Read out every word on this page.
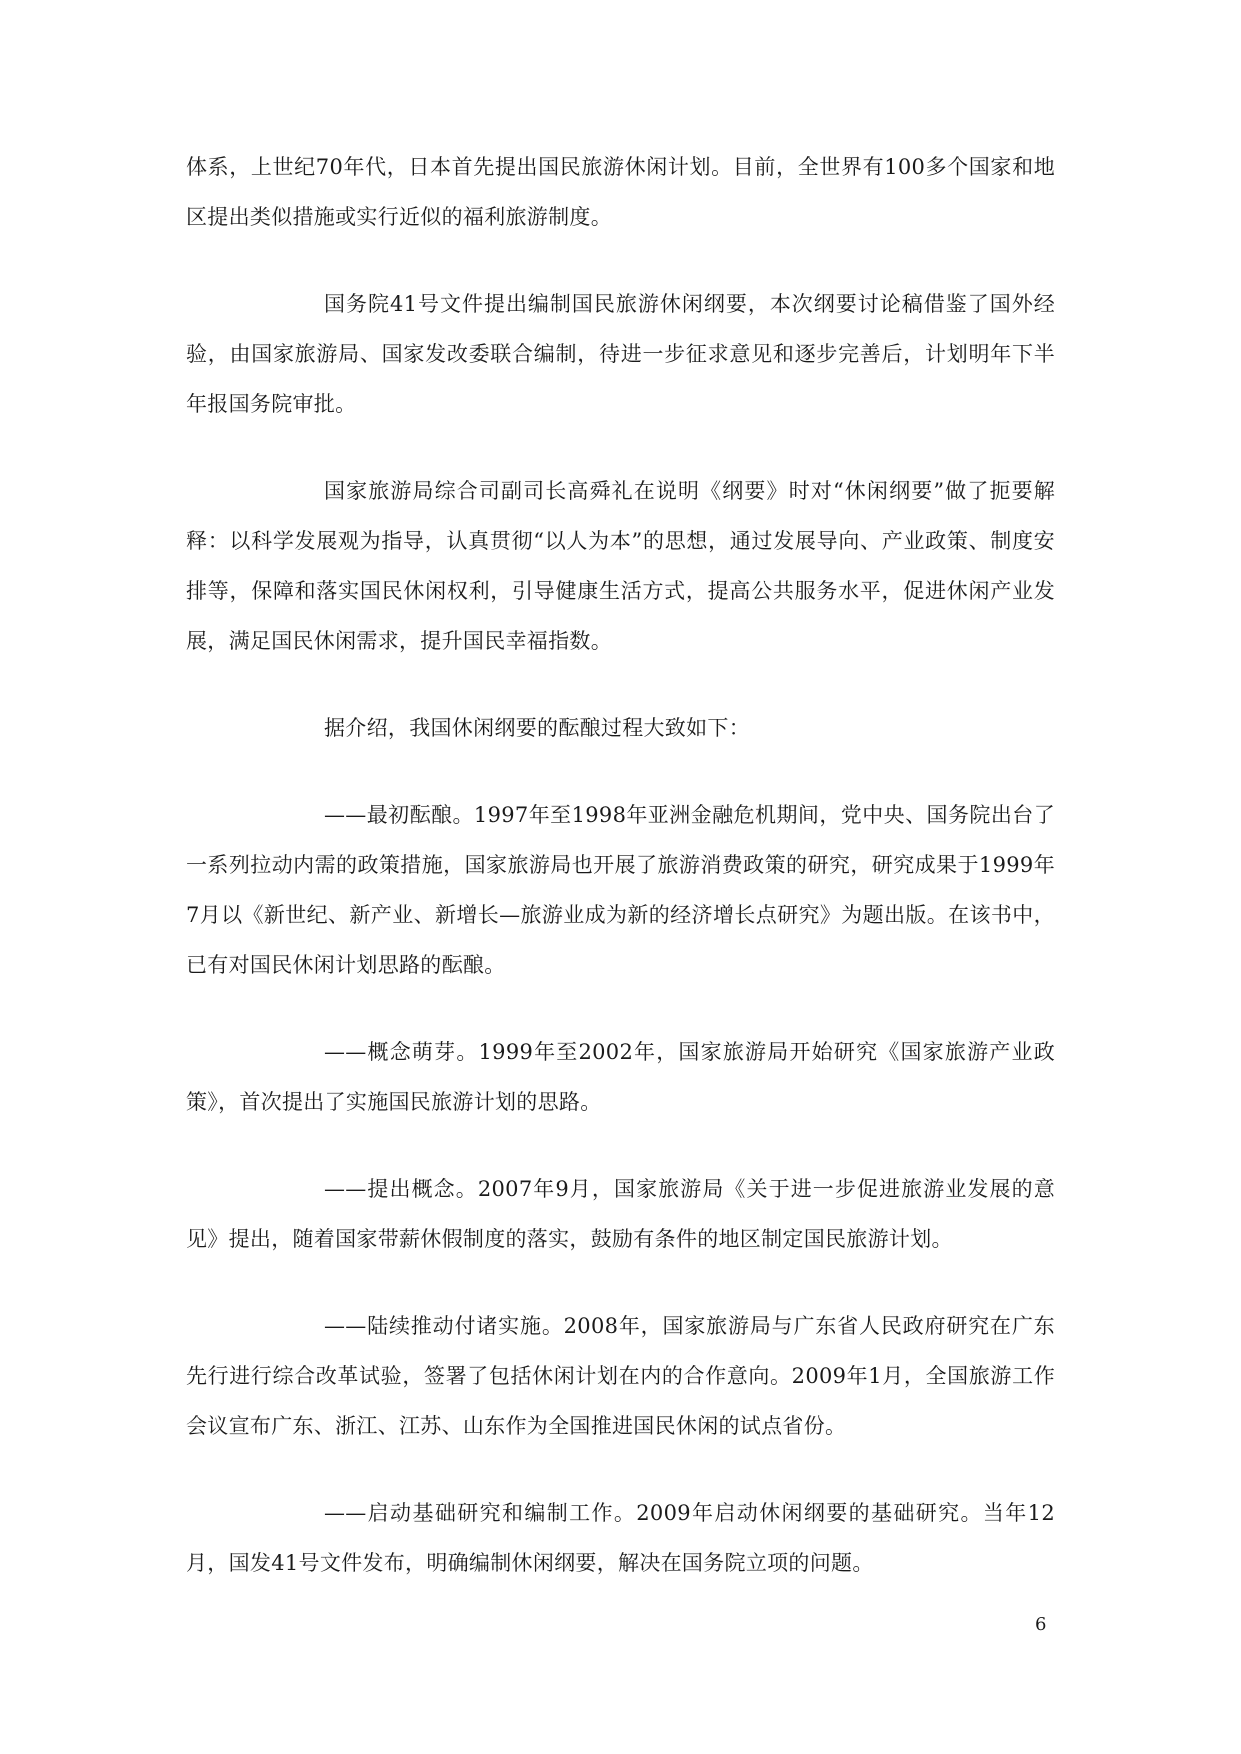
体系，上世纪70年代，日本首先提出国民旅游休闲计划。目前，全世界有100多个国家和地区提出类似措施或实行近似的福利旅游制度。

国务院41号文件提出编制国民旅游休闲纲要，本次纲要讨论稿借鉴了国外经验，由国家旅游局、国家发改委联合编制，待进一步征求意见和逐步完善后，计划明年下半年报国务院审批。

国家旅游局综合司副司长高舜礼在说明《纲要》时对“休闲纲要”做了扼要解释：以科学发展观为指导，认真贯彻“以人为本”的思想，通过发展导向、产业政策、制度安排等，保障和落实国民休闲权利，引导健康生活方式，提高公共服务水平，促进休闲产业发展，满足国民休闲需求，提升国民幸福指数。

据介绍，我国休闲纲要的酝酿过程大致如下：

——最初酝酿。1997年至1998年亚洲金融危机期间，党中央、国务院出台了一系列拉动内需的政策措施，国家旅游局也开展了旅游消费政策的研究，研究成果于1999年7月以《新世纪、新产业、新增长—旅游业成为新的经济增长点研究》为题出版。在该书中，已有对国民休闲计划思路的酝酿。

——概念萌芽。1999年至2002年，国家旅游局开始研究《国家旅游产业政策》，首次提出了实施国民旅游计划的思路。

——提出概念。2007年9月，国家旅游局《关于进一步促进旅游业发展的意见》提出，随着国家带薪休假制度的落实，鼓励有条件的地区制定国民旅游计划。

——陆续推动付诸实施。2008年，国家旅游局与广东省人民政府研究在广东先行进行综合改革试验，签署了包括休闲计划在内的合作意向。2009年1月，全国旅游工作会议宣布广东、浙江、江苏、山东作为全国推进国民休闲的试点省份。

——启动基础研究和编制工作。2009年启动休闲纲要的基础研究。当年12月，国发41号文件发布，明确编制休闲纲要，解决在国务院立项的问题。

6
